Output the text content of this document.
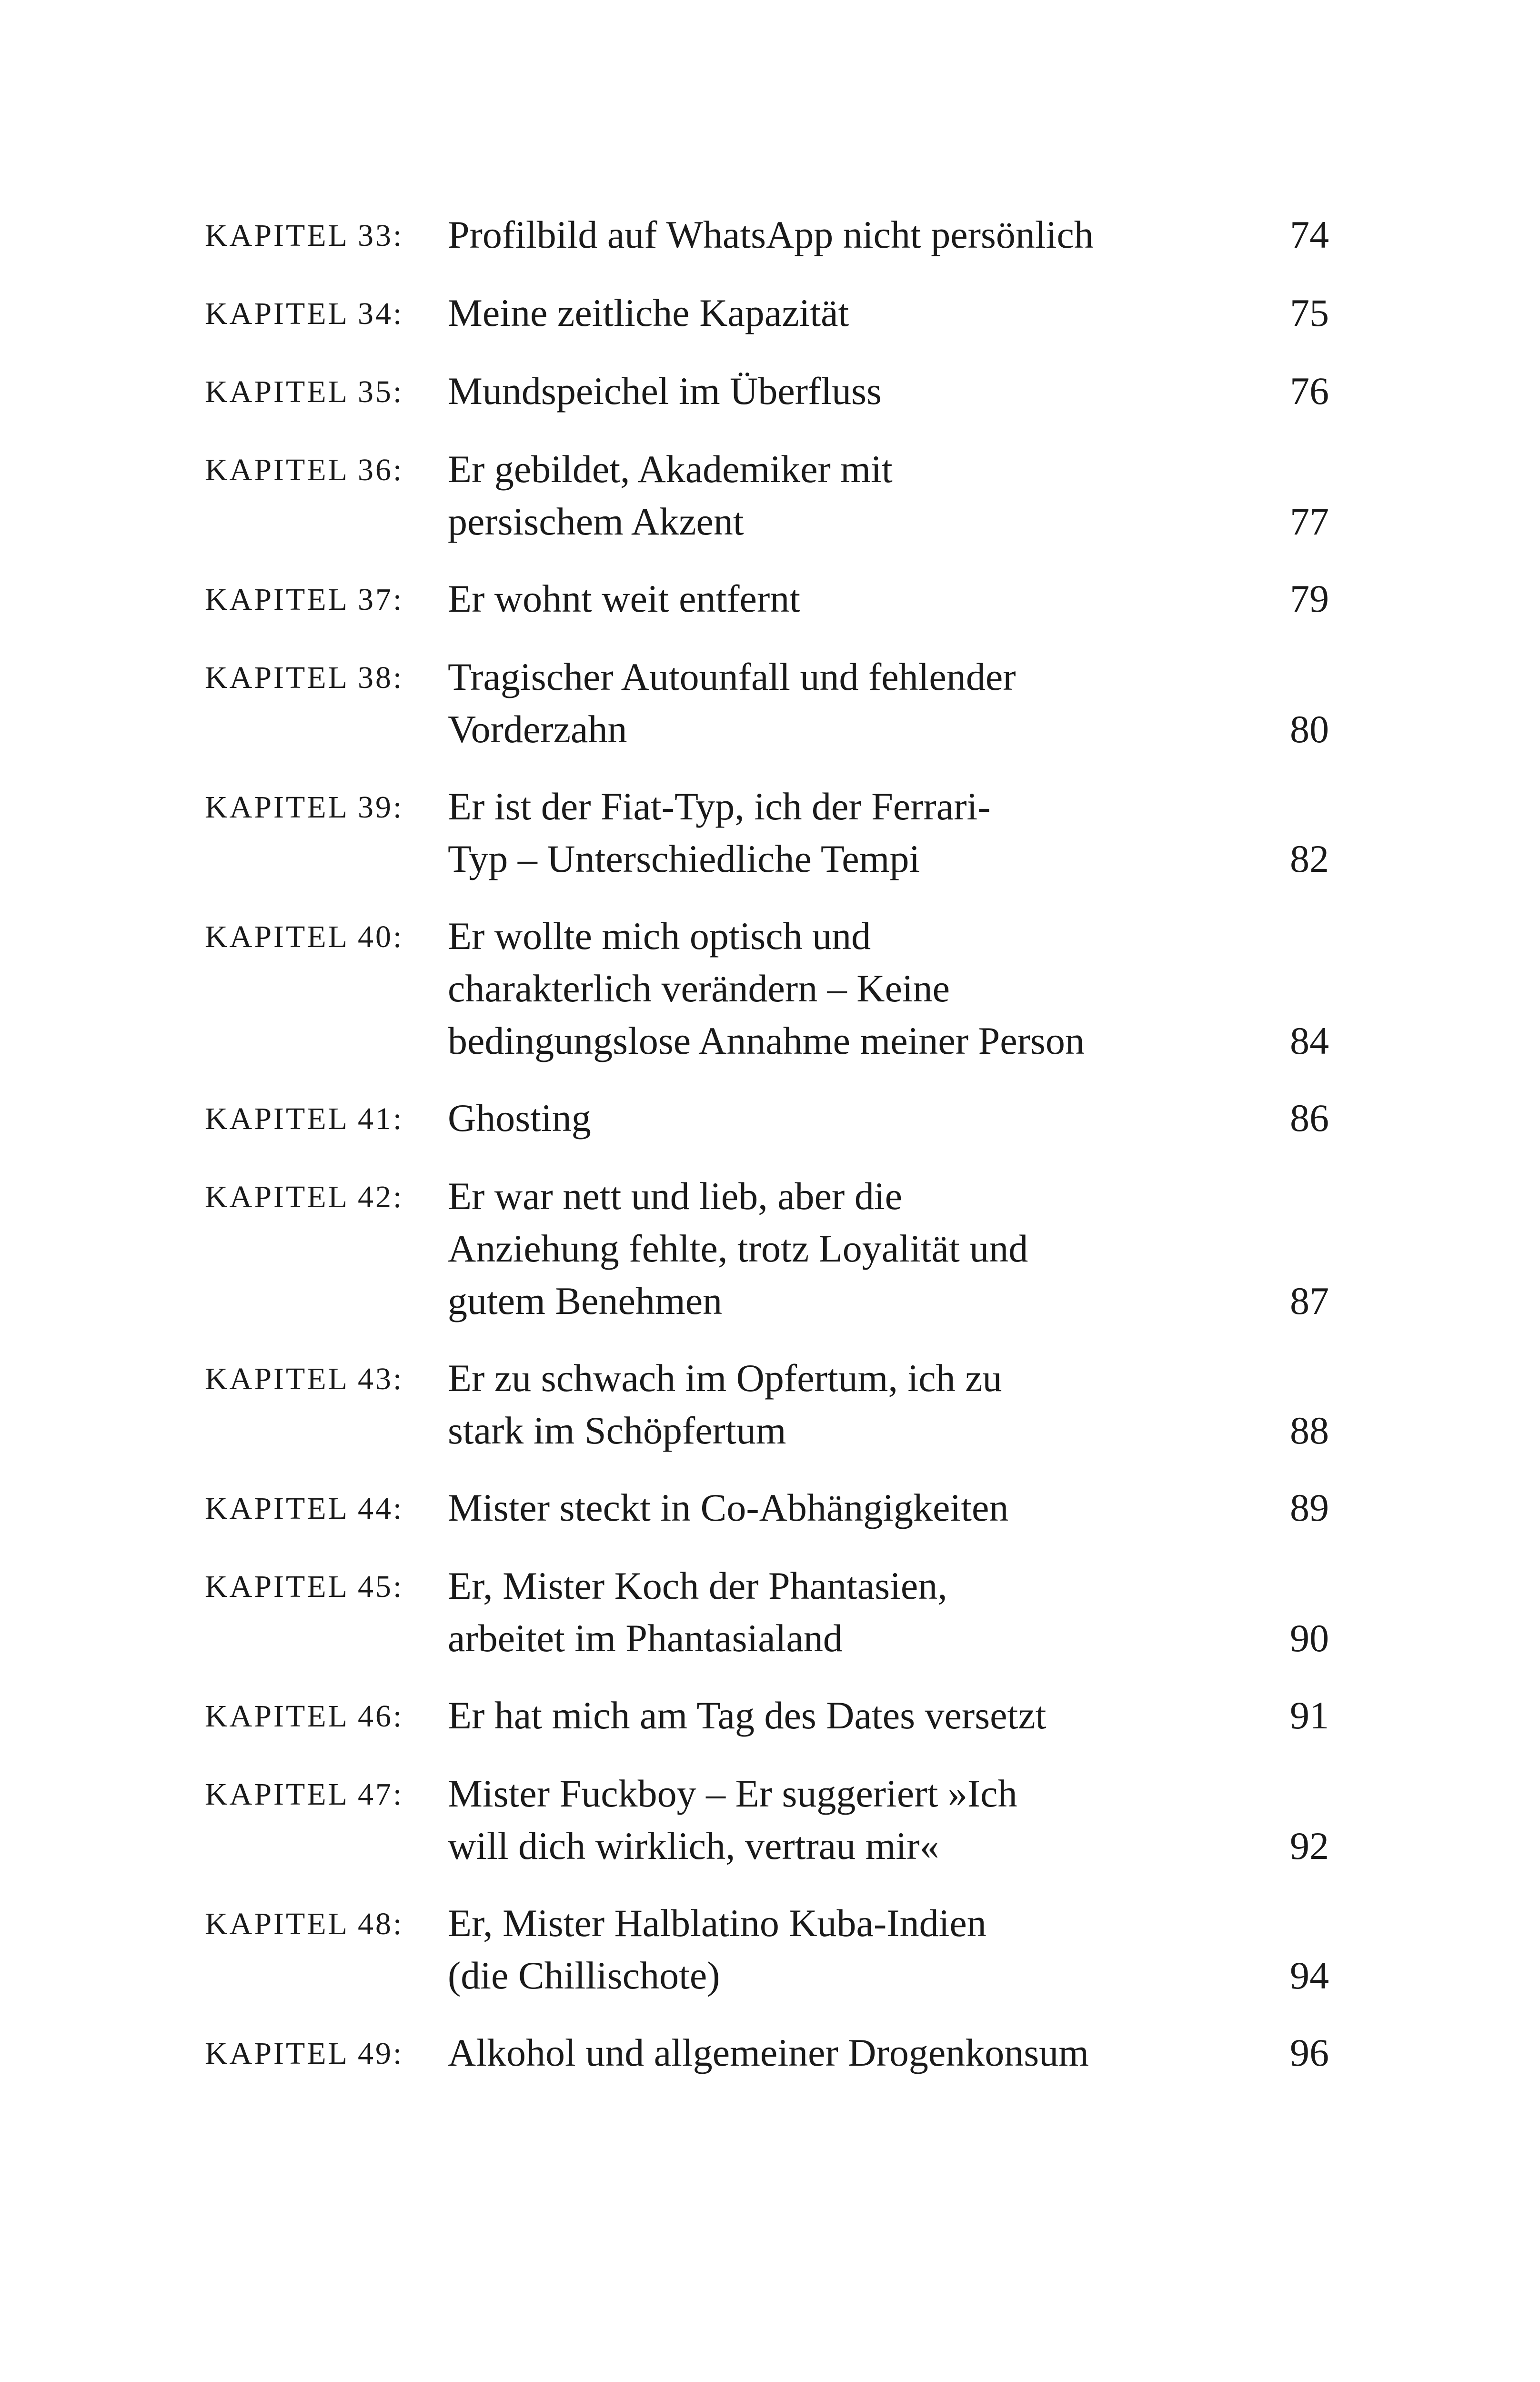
KAPITEL 33:	Profilbild auf WhatsApp nicht persönlich	74
KAPITEL 34:	Meine zeitliche Kapazität	75
KAPITEL 35:	Mundspeichel im Überfluss	76
KAPITEL 36:	Er gebildet, Akademiker mit
persischem Akzent	77
KAPITEL 37:	Er wohnt weit entfernt	79
KAPITEL 38:	Tragischer Autounfall und fehlender
Vorderzahn	80
KAPITEL 39:	Er ist der Fiat-Typ, ich der Ferrari-
Typ – Unterschiedliche Tempi	82
KAPITEL 40:	Er wollte mich optisch und
charakterlich verändern – Keine
bedingungslose Annahme meiner Person	84
KAPITEL 41:	Ghosting	86
KAPITEL 42:	Er war nett und lieb, aber die
Anziehung fehlte, trotz Loyalität und
gutem Benehmen	87
KAPITEL 43:	Er zu schwach im Opfertum, ich zu
stark im Schöpfertum	88
KAPITEL 44:	Mister steckt in Co-Abhängigkeiten	89
KAPITEL 45:	Er, Mister Koch der Phantasien,
arbeitet im Phantasialand	90
KAPITEL 46:	Er hat mich am Tag des Dates versetzt	91
KAPITEL 47:	Mister Fuckboy – Er suggeriert »Ich
will dich wirklich, vertrau mir«	92
KAPITEL 48:	Er, Mister Halblatino Kuba-Indien
(die Chillischote)	94
KAPITEL 49:	Alkohol und allgemeiner Drogenkonsum	96
